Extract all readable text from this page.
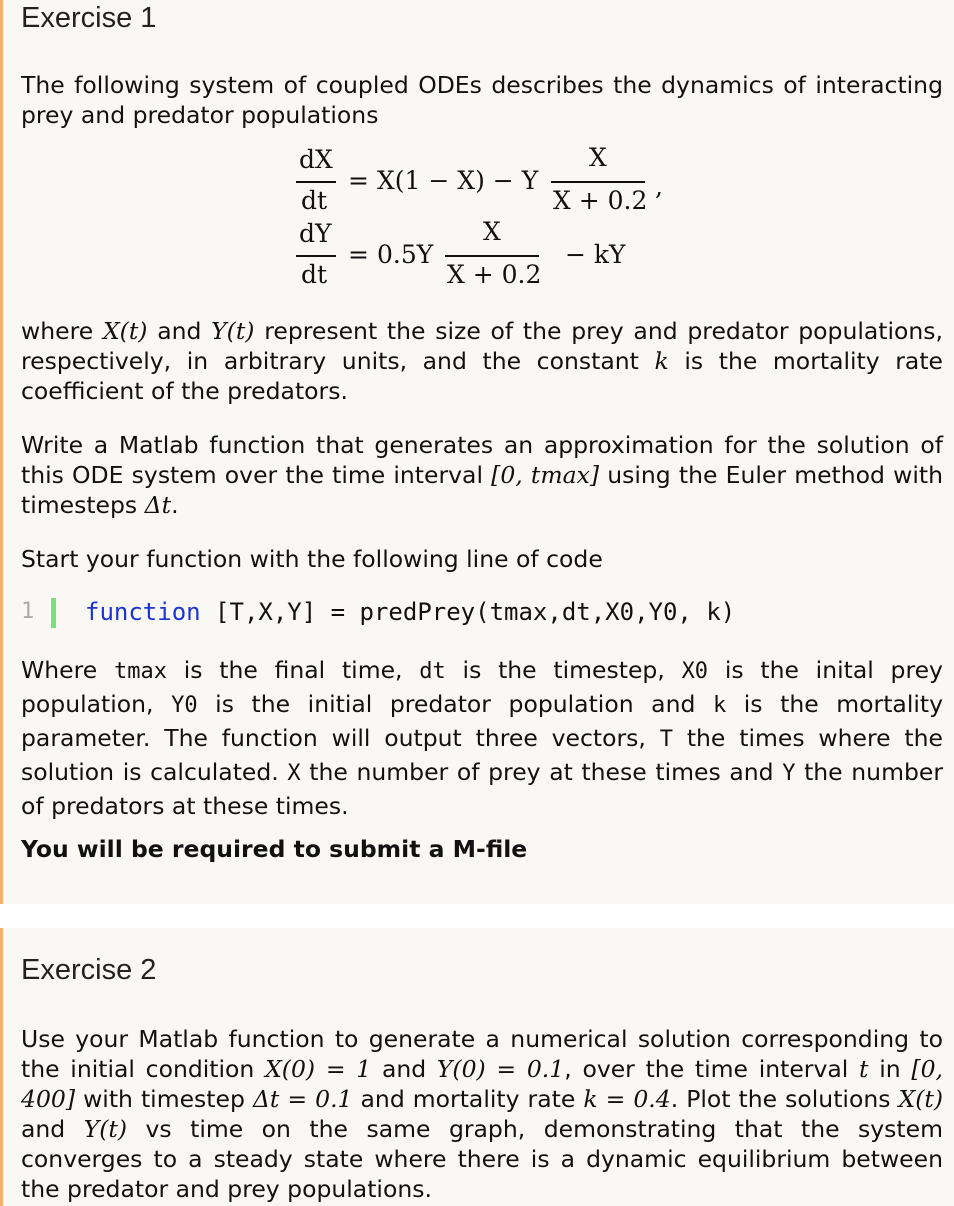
Exercise 1
The following system of coupled ODEs describes the dynamics of interacting prey and predator populations
dX
dt
= X(1 − X) − Y
X
X + 0.2 ,
dY
dt
= 0.5Y
X
X + 0.2
− kY
where X(t) and Y(t) represent the size of the prey and predator populations, respectively, in arbitrary units, and the constant k is the mortality rate coefficient of the predators.
Write a Matlab function that generates an approximation for the solution of this ODE system over the time interval [0, tmax] using the Euler method with timesteps Δt.
Start your function with the following line of code
1 function [T,X,Y] = predPrey(tmax,dt,X0,Y0, k)
Where tmax is the final time, dt is the timestep, X0 is the inital prey population, Y0 is the initial predator population and k is the mortality parameter. The function will output three vectors, T the times where the solution is calculated. X the number of prey at these times and Y the number of predators at these times.
You will be required to submit a M-file
Exercise 2
Use your Matlab function to generate a numerical solution corresponding to the initial condition X(0) = 1 and Y(0) = 0.1, over the time interval t in [0, 400] with timestep Δt = 0.1 and mortality rate k = 0.4. Plot the solutions X(t) and Y(t) vs time on the same graph, demonstrating that the system converges to a steady state where there is a dynamic equilibrium between the predator and prey populations.
